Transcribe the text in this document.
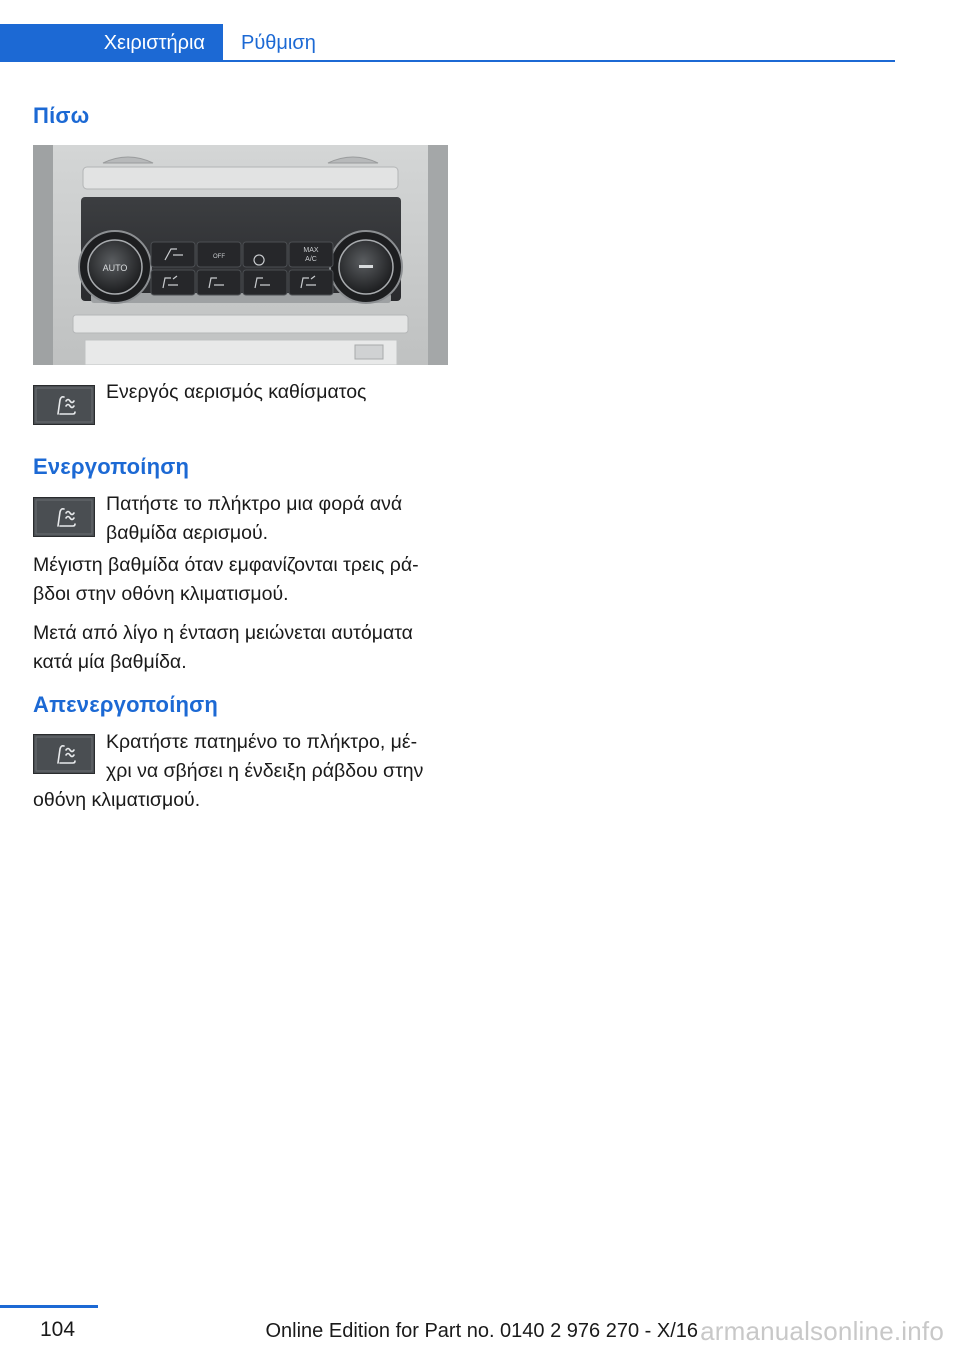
Χειριστήρια	Ρύθμιση
Πίσω
AUTO
OFF
MAX
A/C
Ενεργός αερισμός καθίσματος
Ενεργοποίηση
Πατήστε το πλήκτρο μια φορά ανά
βαθμίδα αερισμού.
Μέγιστη βαθμίδα όταν εμφανίζονται τρεις ρά-
βδοι στην οθόνη κλιματισμού.
Μετά από λίγο η ένταση μειώνεται αυτόματα
κατά μία βαθμίδα.
Απενεργοποίηση
Κρατήστε πατημένο το πλήκτρο, μέ-
χρι να σβήσει η ένδειξη ράβδου στην
οθόνη κλιματισμού.
104	Online Edition for Part no. 0140 2 976 270 - X/16 armanualsonline.info
